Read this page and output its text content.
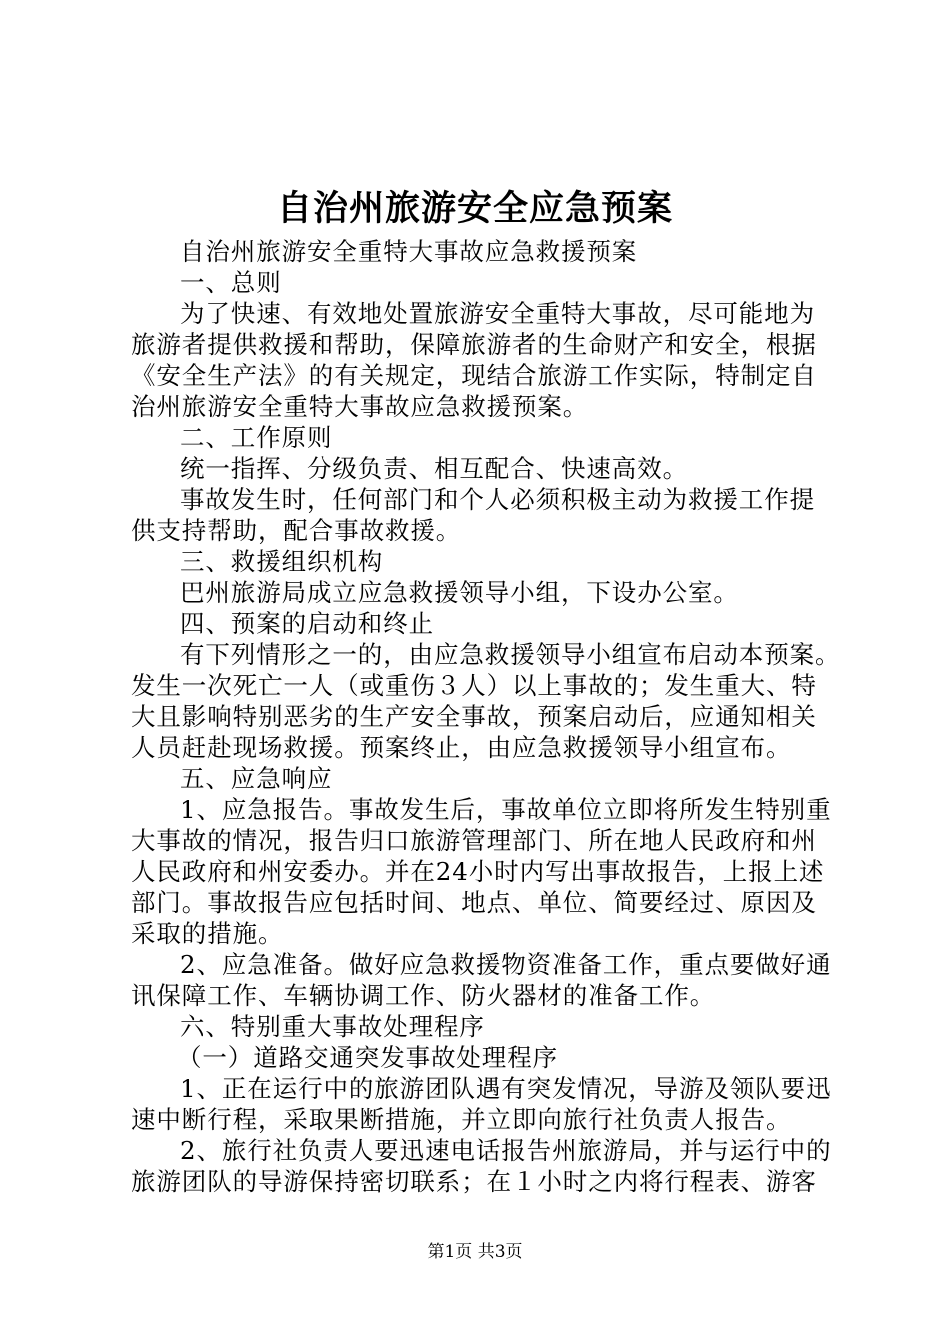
自治州旅游安全应急预案
自治州旅游安全重特大事故应急救援预案
一、总则
为了快速、有效地处置旅游安全重特大事故，尽可能地为
旅游者提供救援和帮助，保障旅游者的生命财产和安全，根据
《安全生产法》的有关规定，现结合旅游工作实际，特制定自
治州旅游安全重特大事故应急救援预案。
二、工作原则
统一指挥、分级负责、相互配合、快速高效。
事故发生时，任何部门和个人必须积极主动为救援工作提
供支持帮助，配合事故救援。
三、救援组织机构
巴州旅游局成立应急救援领导小组，下设办公室。
四、预案的启动和终止
有下列情形之一的，由应急救援领导小组宣布启动本预案。
发生一次死亡一人（或重伤３人）以上事故的；发生重大、特
大且影响特别恶劣的生产安全事故，预案启动后，应通知相关
人员赶赴现场救援。预案终止，由应急救援领导小组宣布。
五、应急响应
1、应急报告。事故发生后，事故单位立即将所发生特别重
大事故的情况，报告归口旅游管理部门、所在地人民政府和州
人民政府和州安委办。并在24小时内写出事故报告，上报上述
部门。事故报告应包括时间、地点、单位、简要经过、原因及
采取的措施。
2、应急准备。做好应急救援物资准备工作，重点要做好通
讯保障工作、车辆协调工作、防火器材的准备工作。
六、特别重大事故处理程序
（一）道路交通突发事故处理程序
1、正在运行中的旅游团队遇有突发情况，导游及领队要迅
速中断行程，采取果断措施，并立即向旅行社负责人报告。
2、旅行社负责人要迅速电话报告州旅游局，并与运行中的
旅游团队的导游保持密切联系；在１小时之内将行程表、游客
第1页 共3页
